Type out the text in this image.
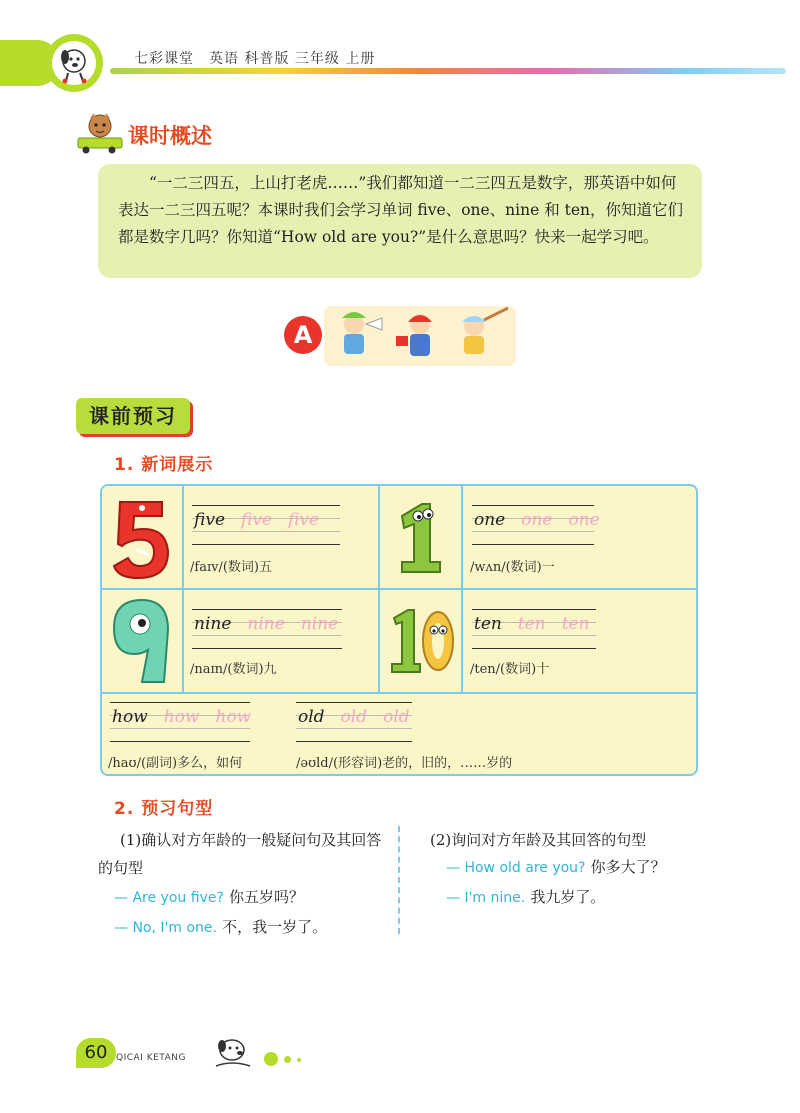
七彩课堂　英语 科普版 三年级 上册
课时概述
“一二三四五，上山打老虎……”我们都知道一二三四五是数字，那英语中如何表达一二三四五呢？本课时我们会学习单词 five、one、nine 和 ten，你知道它们都是数字几吗？你知道“How old are you?”是什么意思吗？快来一起学习吧。
A
课前预习
1. 新词展示
five five five
/faɪv/(数词)五
one one one
/wʌn/(数词)一
nine nine nine
/naɪn/(数词)九
ten ten ten
/ten/(数词)十
how how how
/haʊ/(副词)多么，如何
old old old
/əʊld/(形容词)老的，旧的，……岁的
2. 预习句型
(1)确认对方年龄的一般疑问句及其回答的句型
— Are you five? 你五岁吗？
— No, I'm one. 不，我一岁了。
(2)询问对方年龄及其回答的句型
— How old are you? 你多大了？
— I'm nine. 我九岁了。
60 QICAI KETANG
